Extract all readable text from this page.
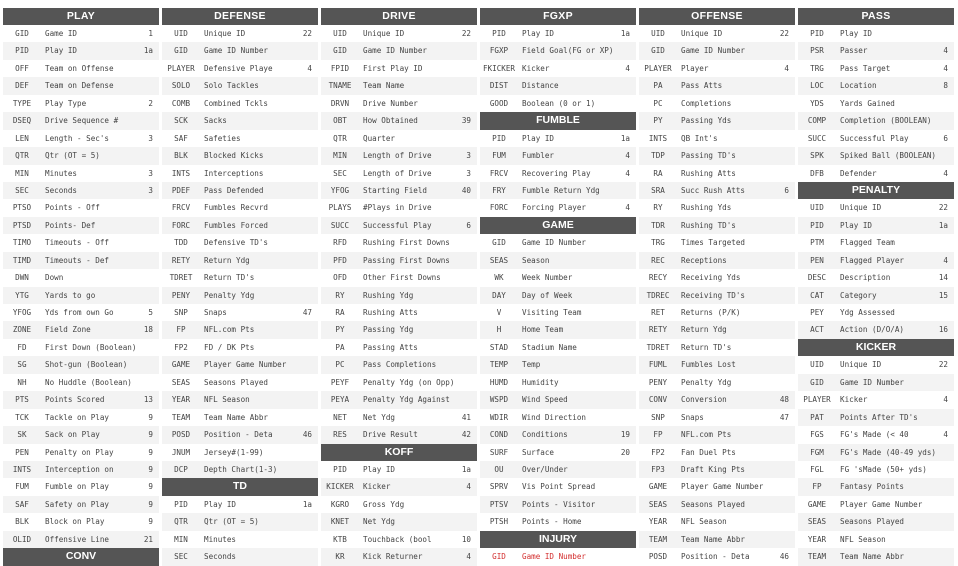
PLAY
GID	Game ID	1
PID	Play ID	1a
OFF	Team on Offense
DEF	Team on Defense
TYPE	Play Type	2
DSEQ	Drive Sequence #
LEN	Length - Sec's	3
QTR	Qtr (OT = 5)
MIN	Minutes	3
SEC	Seconds	3
PTSO	Points - Off
PTSD	Points- Def
TIMO	Timeouts - Off
TIMD	Timeouts - Def
DWN	Down
YTG	Yards to go
YFOG	Yds from own Go	5
ZONE	Field Zone	18
FD	First Down (Boolean)
SG	Shot-gun (Boolean)
NH	No Huddle (Boolean)
PTS	Points Scored	13
TCK	Tackle on Play	9
SK	Sack on Play	9
PEN	Penalty on Play	9
INTS	Interception on	9
FUM	Fumble on Play	9
SAF	Safety on Play	9
BLK	Block on Play	9
OLID	Offensive Line	21
CONV
DEFENSE
UID	Unique ID	22
GID	Game ID Number
PLAYER	Defensive Playe	4
SOLO	Solo Tackles
COMB	Combined Tckls
SCK	Sacks
SAF	Safeties
BLK	Blocked Kicks
INTS	Interceptions
PDEF	Pass Defended
FRCV	Fumbles Recvrd
FORC	Fumbles Forced
TDD	Defensive TD's
RETY	Return Ydg
TDRET	Return TD's
PENY	Penalty Ydg
SNP	Snaps	47
FP	NFL.com Pts
FP2	FD / DK Pts
GAME	Player Game Number
SEAS	Seasons Played
YEAR	NFL Season
TEAM	Team Name Abbr
POSD	Position - Deta	46
JNUM	Jersey#(1-99)
DCP	Depth Chart(1-3)
TD
PID	Play ID	1a
QTR	Qtr (OT = 5)
MIN	Minutes
SEC	Seconds
DRIVE
UID	Unique ID	22
GID	Game ID Number
FPID	First Play ID
TNAME	Team Name
DRVN	Drive Number
OBT	How Obtained	39
QTR	Quarter
MIN	Length of Drive	3
SEC	Length of Drive	3
YFOG	Starting Field	40
PLAYS	#Plays in Drive
SUCC	Successful Play	6
RFD	Rushing First Downs
PFD	Passing First Downs
OFD	Other First Downs
RY	Rushing Ydg
RA	Rushing Atts
PY	Passing Ydg
PA	Passing Atts
PC	Pass Completions
PEYF	Penalty Ydg (on Opp)
PEYA	Penalty Ydg Against
NET	Net Ydg	41
RES	Drive Result	42
KOFF
PID	Play ID	1a
KICKER	Kicker	4
KGRO	Gross Ydg
KNET	Net Ydg
KTB	Touchback (bool	10
KR	Kick Returner	4
FGXP
PID	Play ID	1a
FGXP	Field Goal(FG or XP)
FKICKER Kicker	4
DIST	Distance
GOOD	Boolean (0 or 1)
FUMBLE
PID	Play ID	1a
FUM	Fumbler	4
FRCV	Recovering Play	4
FRY	Fumble Return Ydg
FORC	Forcing Player	4
GAME
GID	Game ID Number
SEAS	Season
WK	Week Number
DAY	Day of Week
V	Visiting Team
H	Home Team
STAD	Stadium Name
TEMP	Temp
HUMD	Humidity
WSPD	Wind Speed
WDIR	Wind Direction
COND	Conditions	19
SURF	Surface	20
OU	Over/Under
SPRV	Vis Point Spread
PTSV	Points - Visitor
PTSH	Points - Home
INJURY
GID	Game ID Number
OFFENSE
UID	Unique ID	22
GID	Game ID Number
PLAYER	Player	4
PA	Pass Atts
PC	Completions
PY	Passing Yds
INTS	QB Int's
TDP	Passing TD's
RA	Rushing Atts
SRA	Succ Rush Atts	6
RY	Rushing Yds
TDR	Rushing TD's
TRG	Times Targeted
REC	Receptions
RECY	Receiving Yds
TDREC	Receiving TD's
RET	Returns (P/K)
RETY	Return Ydg
TDRET	Return TD's
FUML	Fumbles Lost
PENY	Penalty Ydg
CONV	Conversion	48
SNP	Snaps	47
FP	NFL.com Pts
FP2	Fan Duel Pts
FP3	Draft King Pts
GAME	Player Game Number
SEAS	Seasons Played
YEAR	NFL Season
TEAM	Team Name Abbr
POSD	Position - Deta	46
PASS
PID	Play ID
PSR	Passer	4
TRG	Pass Target	4
LOC	Location	8
YDS	Yards Gained
COMP	Completion (BOOLEAN)
SUCC	Successful Play	6
SPK	Spiked Ball (BOOLEAN)
DFB	Defender	4
PENALTY
UID	Unique ID	22
PID	Play ID	1a
PTM	Flagged Team
PEN	Flagged Player	4
DESC	Description	14
CAT	Category	15
PEY	Ydg Assessed
ACT	Action (D/O/A)	16
KICKER
UID	Unique ID	22
GID	Game ID Number
PLAYER	Kicker	4
PAT	Points After TD's
FGS	FG's Made (< 40	4
FGM	FG's Made (40-49 yds)
FGL	FG 'sMade (50+ yds)
FP	Fantasy Points
GAME	Player Game Number
SEAS	Seasons Played
YEAR	NFL Season
TEAM	Team Name Abbr
